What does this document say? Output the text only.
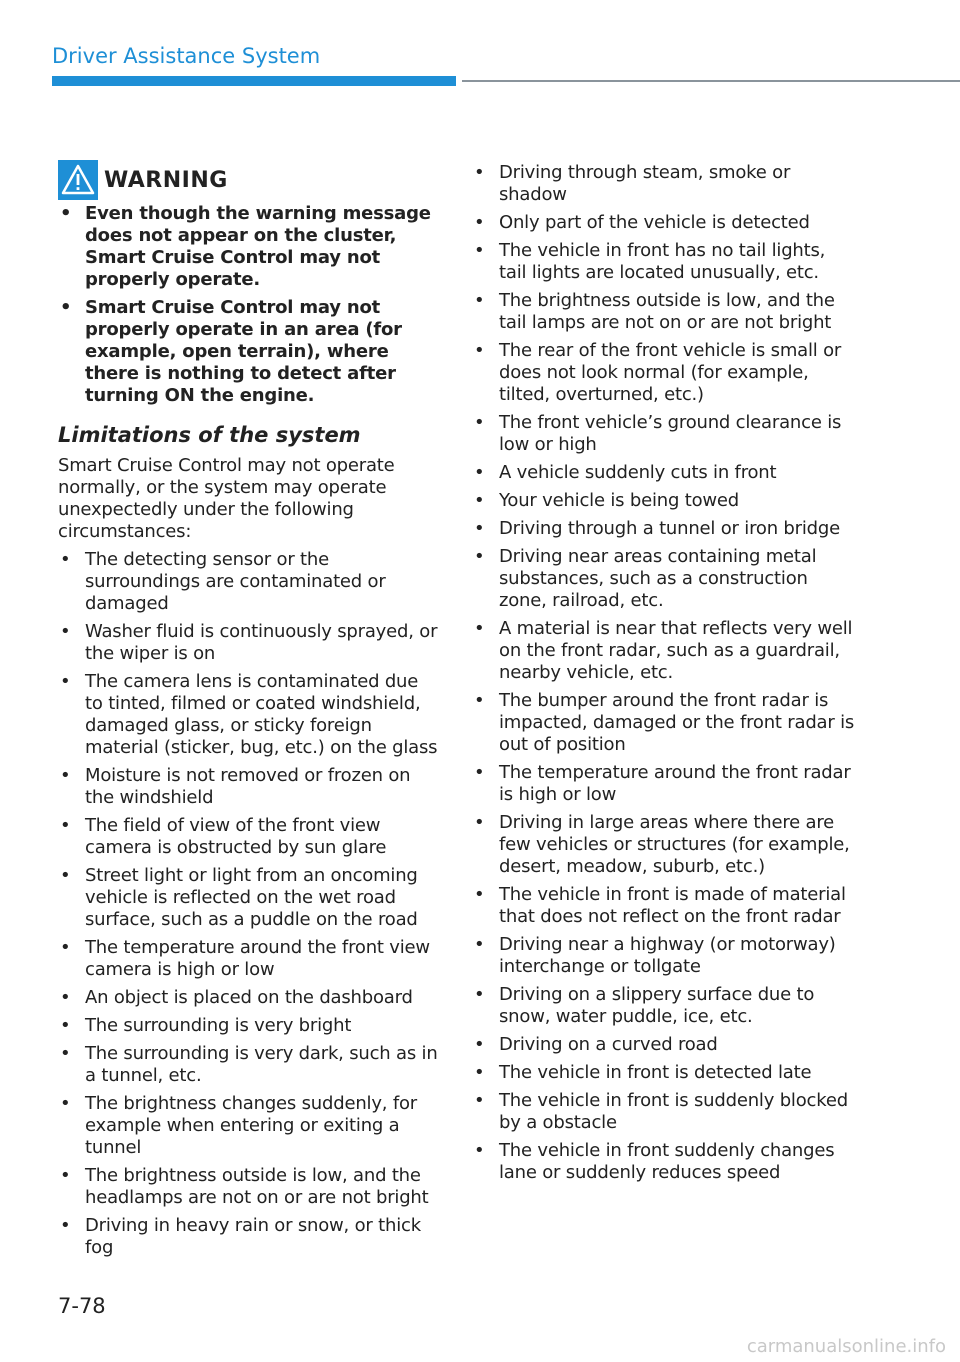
Driver Assistance System
WARNING
• Even though the warning message does not appear on the cluster, Smart Cruise Control may not properly operate.
• Smart Cruise Control may not properly operate in an area (for example, open terrain), where there is nothing to detect after turning ON the engine.
Limitations of the system

Smart Cruise Control may not operate normally, or the system may operate unexpectedly under the following circumstances:

• The detecting sensor or the surroundings are contaminated or damaged
• Washer fluid is continuously sprayed, or the wiper is on
• The camera lens is contaminated due to tinted, filmed or coated windshield, damaged glass, or sticky foreign material (sticker, bug, etc.) on the glass
• Moisture is not removed or frozen on the windshield
• The field of view of the front view camera is obstructed by sun glare
• Street light or light from an oncoming vehicle is reflected on the wet road surface, such as a puddle on the road
• The temperature around the front view camera is high or low
• An object is placed on the dashboard
• The surrounding is very bright
• The surrounding is very dark, such as in a tunnel, etc.
• The brightness changes suddenly, for example when entering or exiting a tunnel
• The brightness outside is low, and the headlamps are not on or are not bright
• Driving in heavy rain or snow, or thick fog
• Driving through steam, smoke or shadow
• Only part of the vehicle is detected
• The vehicle in front has no tail lights, tail lights are located unusually, etc.
• The brightness outside is low, and the tail lamps are not on or are not bright
• The rear of the front vehicle is small or does not look normal (for example, tilted, overturned, etc.)
• The front vehicle’s ground clearance is low or high
• A vehicle suddenly cuts in front
• Your vehicle is being towed
• Driving through a tunnel or iron bridge
• Driving near areas containing metal substances, such as a construction zone, railroad, etc.
• A material is near that reflects very well on the front radar, such as a guardrail, nearby vehicle, etc.
• The bumper around the front radar is impacted, damaged or the front radar is out of position
• The temperature around the front radar is high or low
• Driving in large areas where there are few vehicles or structures (for example, desert, meadow, suburb, etc.)
• The vehicle in front is made of material that does not reflect on the front radar
• Driving near a highway (or motorway) interchange or tollgate
• Driving on a slippery surface due to snow, water puddle, ice, etc.
• Driving on a curved road
• The vehicle in front is detected late
• The vehicle in front is suddenly blocked by a obstacle
• The vehicle in front suddenly changes lane or suddenly reduces speed
7-78
carmanualsonline.info
